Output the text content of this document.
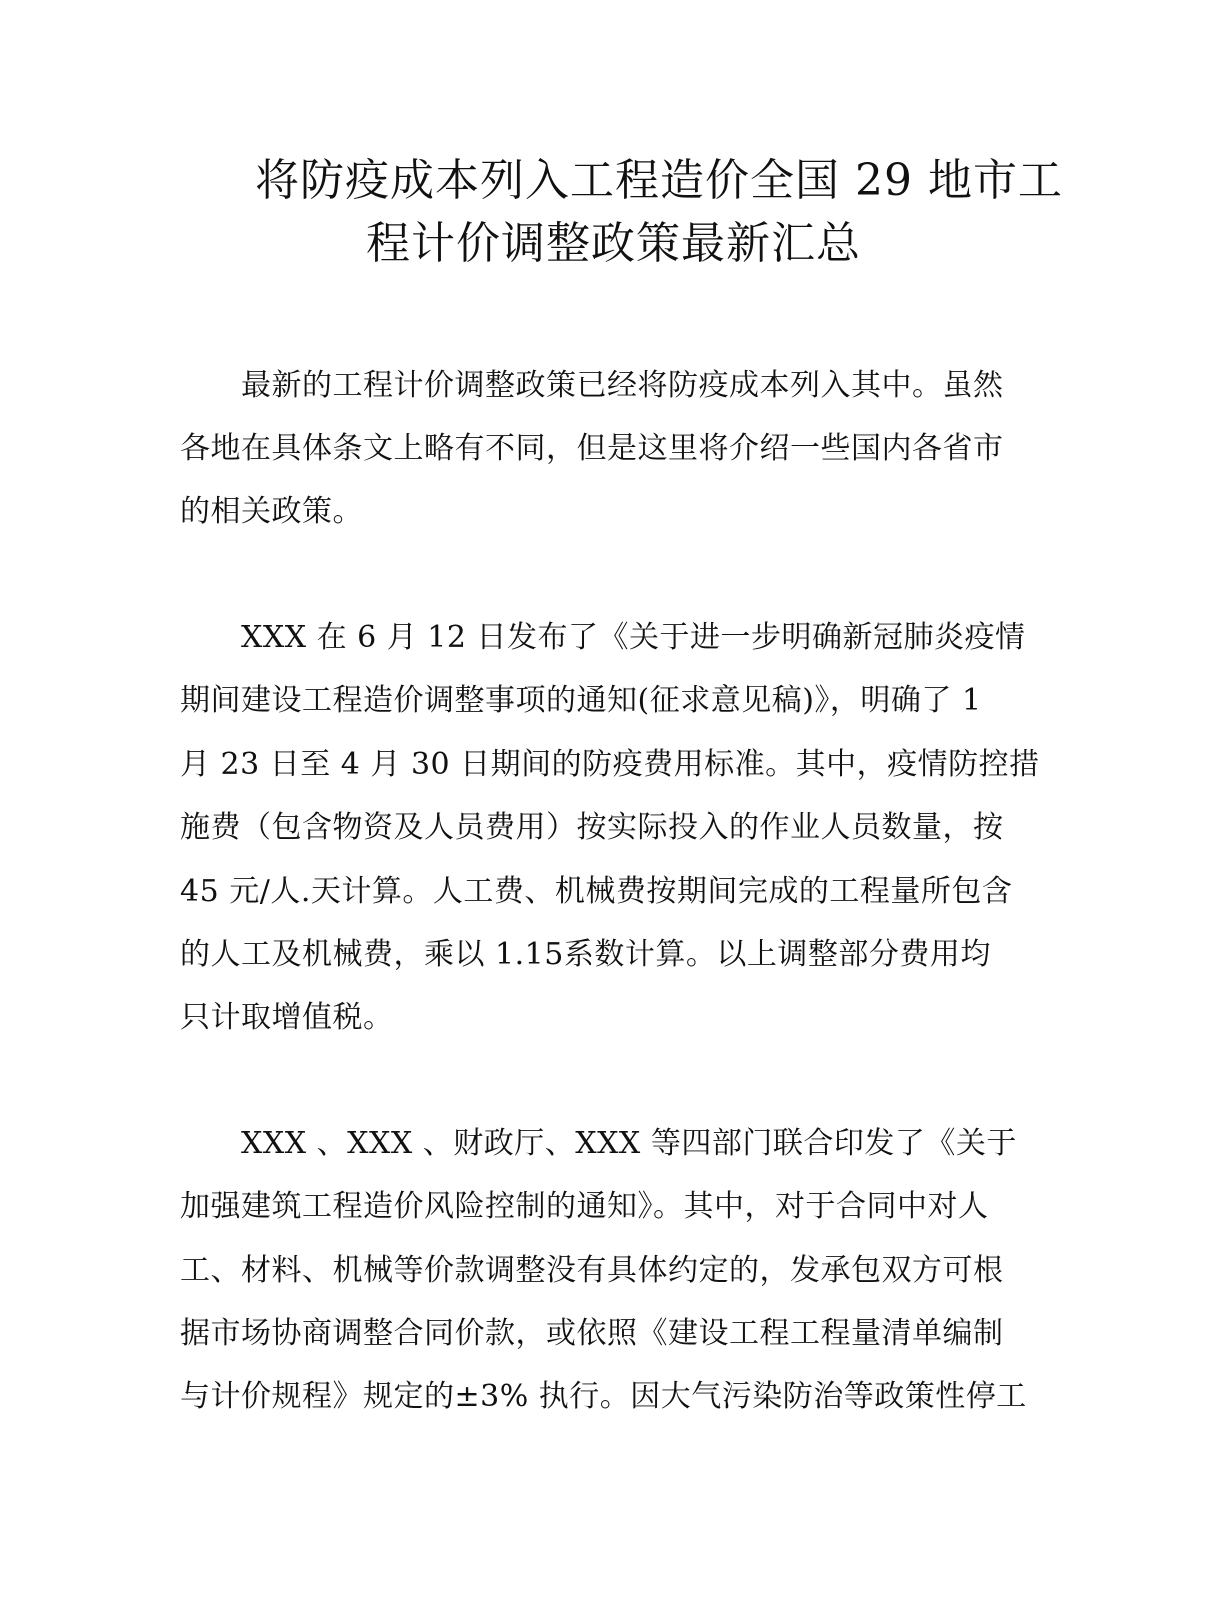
将防疫成本列入工程造价全国 29 地市工
程计价调整政策最新汇总

最新的工程计价调整政策已经将防疫成本列入其中。虽然

各地在具体条文上略有不同，但是这里将介绍一些国内各省市

的相关政策。

XXX 在 6 月 12 日发布了《关于进一步明确新冠肺炎疫情

期间建设工程造价调整事项的通知(征求意见稿)》，明确了 1

月 23 日至 4 月 30 日期间的防疫费用标准。其中，疫情防控措

施费（包含物资及人员费用）按实际投入的作业人员数量，按

45 元/人.天计算。人工费、机械费按期间完成的工程量所包含

的人工及机械费，乘以 1.15系数计算。以上调整部分费用均

只计取增值税。

XXX 、XXX 、财政厅、XXX 等四部门联合印发了《关于

加强建筑工程造价风险控制的通知》。其中，对于合同中对人

工、材料、机械等价款调整没有具体约定的，发承包双方可根

据市场协商调整合同价款，或依照《建设工程工程量清单编制

与计价规程》规定的±3% 执行。因大气污染防治等政策性停工
